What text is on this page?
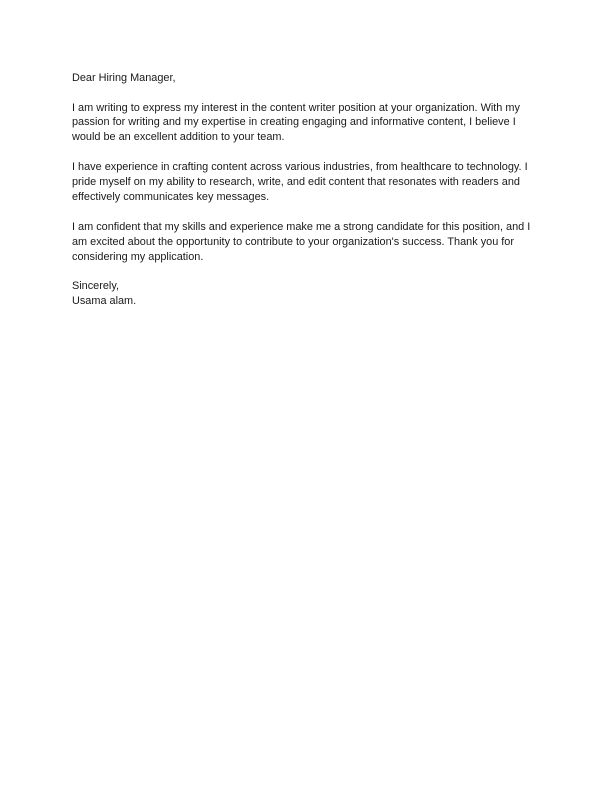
Dear Hiring Manager,

I am writing to express my interest in the content writer position at your organization. With my
passion for writing and my expertise in creating engaging and informative content, I believe I
would be an excellent addition to your team.

I have experience in crafting content across various industries, from healthcare to technology. I
pride myself on my ability to research, write, and edit content that resonates with readers and
effectively communicates key messages.

I am confident that my skills and experience make me a strong candidate for this position, and I
am excited about the opportunity to contribute to your organization's success. Thank you for
considering my application.

Sincerely,

Usama alam.
